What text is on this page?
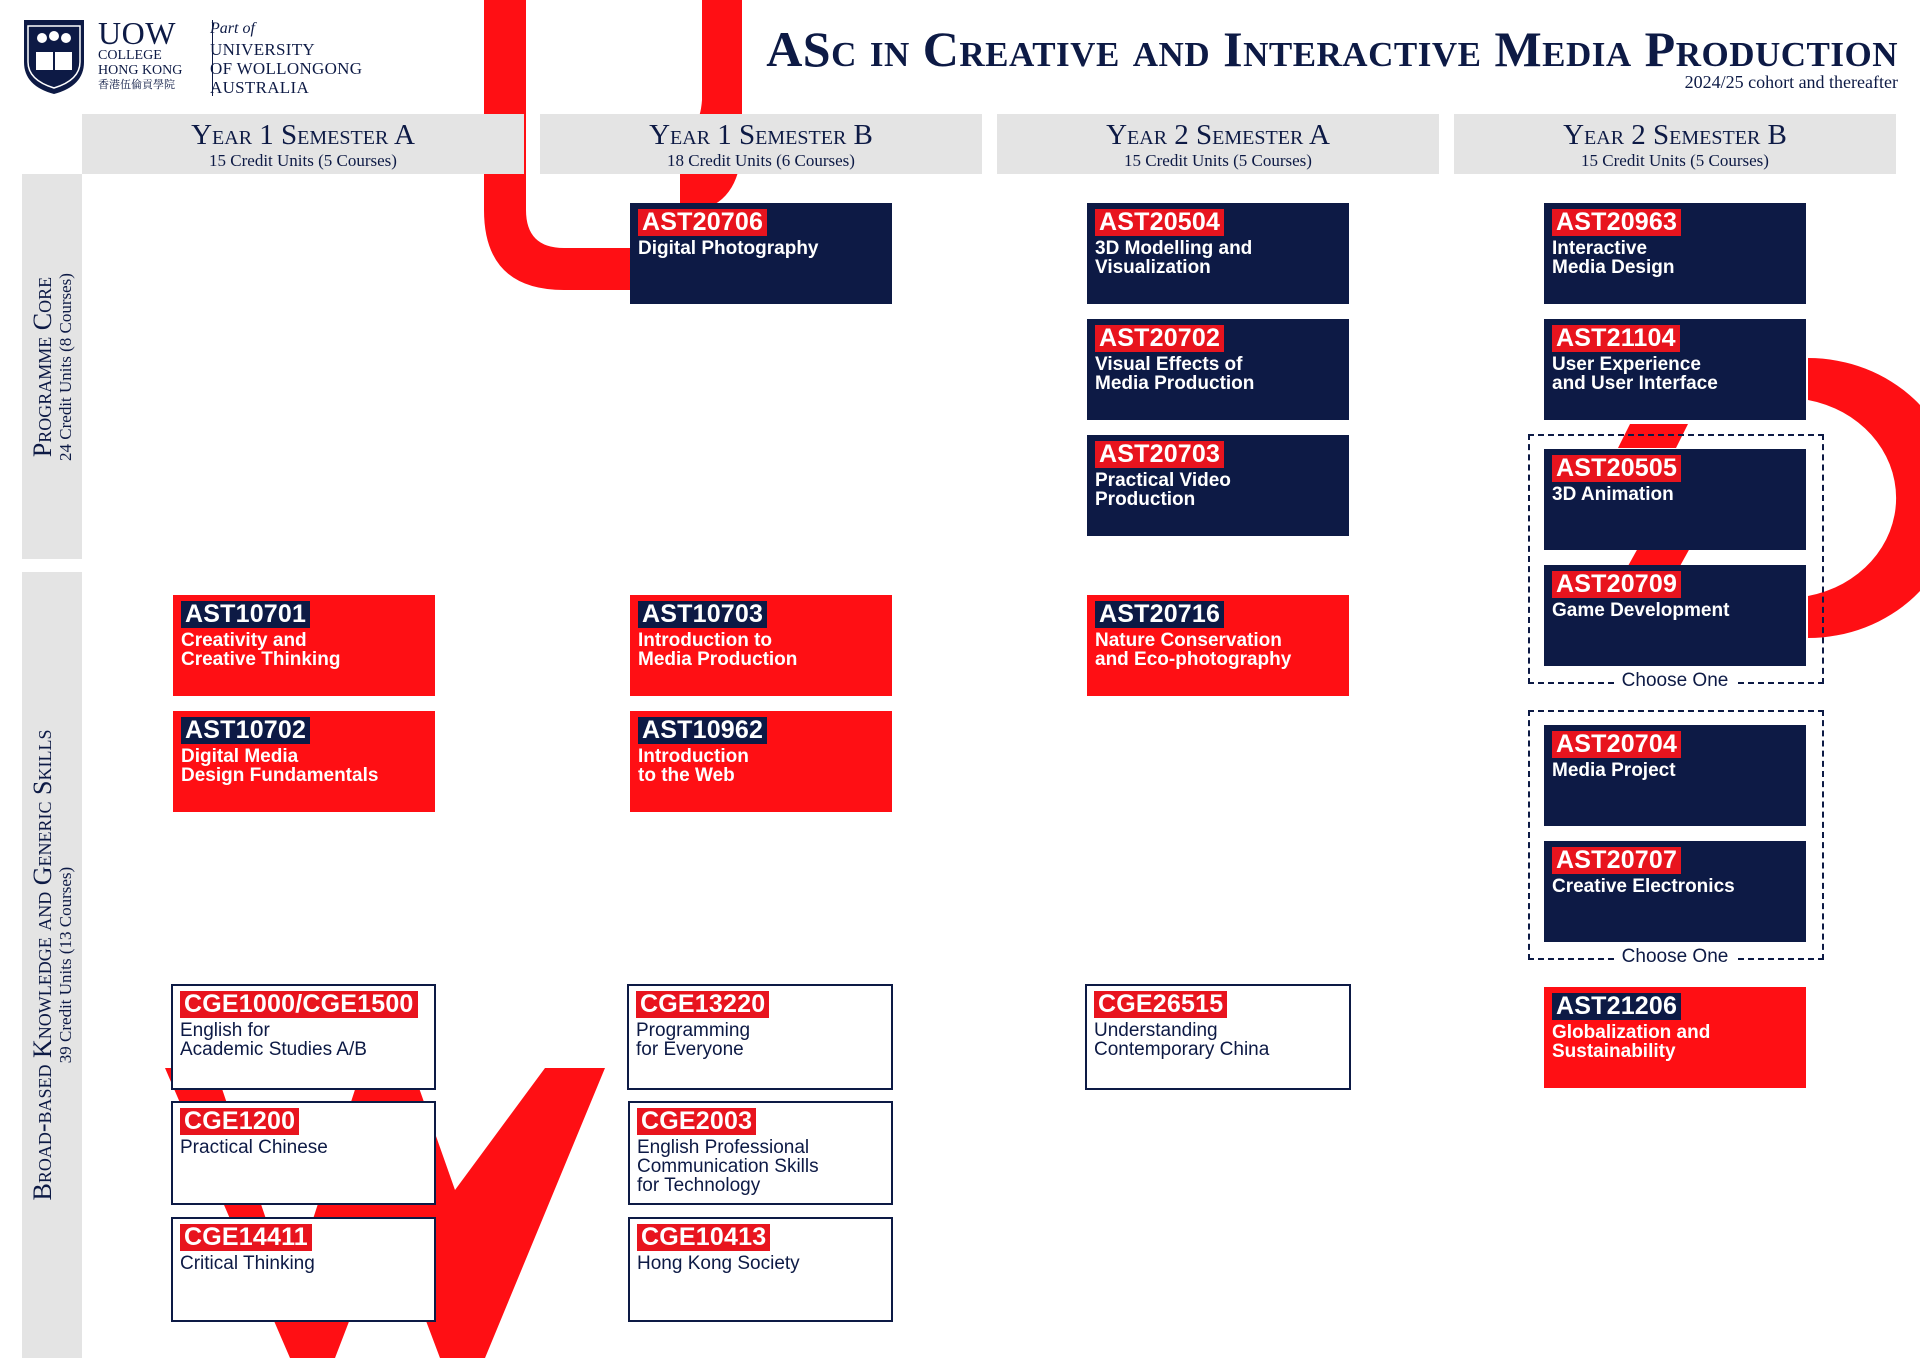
UOW
COLLEGE
HONG KONG
香港伍倫貢學院
Part of
UNIVERSITY
OF WOLLONGONG
AUSTRALIA
ASc in Creative and Interactive Media Production
2024/25 cohort and thereafter
Year 1 Semester A
15 Credit Units (5 Courses)
Year 1 Semester B
18 Credit Units (6 Courses)
Year 2 Semester A
15 Credit Units (5 Courses)
Year 2 Semester B
15 Credit Units (5 Courses)
Programme Core 24 Credit Units (8 Courses)
Broad-based Knowledge and Generic Skills 39 Credit Units (13 Courses)
Choose One
Choose One
AST20706
Digital Photography
AST20504
3D Modelling and
Visualization
AST20702
Visual Effects of
Media Production
AST20703
Practical Video
Production
AST20963
Interactive
Media Design
AST21104
User Experience
and User Interface
AST20505
3D Animation
AST20709
Game Development
AST20704
Media Project
AST20707
Creative Electronics
AST10701
Creativity and
Creative Thinking
AST10702
Digital Media
Design Fundamentals
AST10703
Introduction to
Media Production
AST10962
Introduction
to the Web
AST20716
Nature Conservation
and Eco-photography
AST21206
Globalization and
Sustainability
CGE1000/CGE1500
English for
Academic Studies A/B
CGE1200
Practical Chinese
CGE14411
Critical Thinking
CGE13220
Programming
for Everyone
CGE2003
English Professional
Communication Skills
for Technology
CGE10413
Hong Kong Society
CGE26515
Understanding
Contemporary China
